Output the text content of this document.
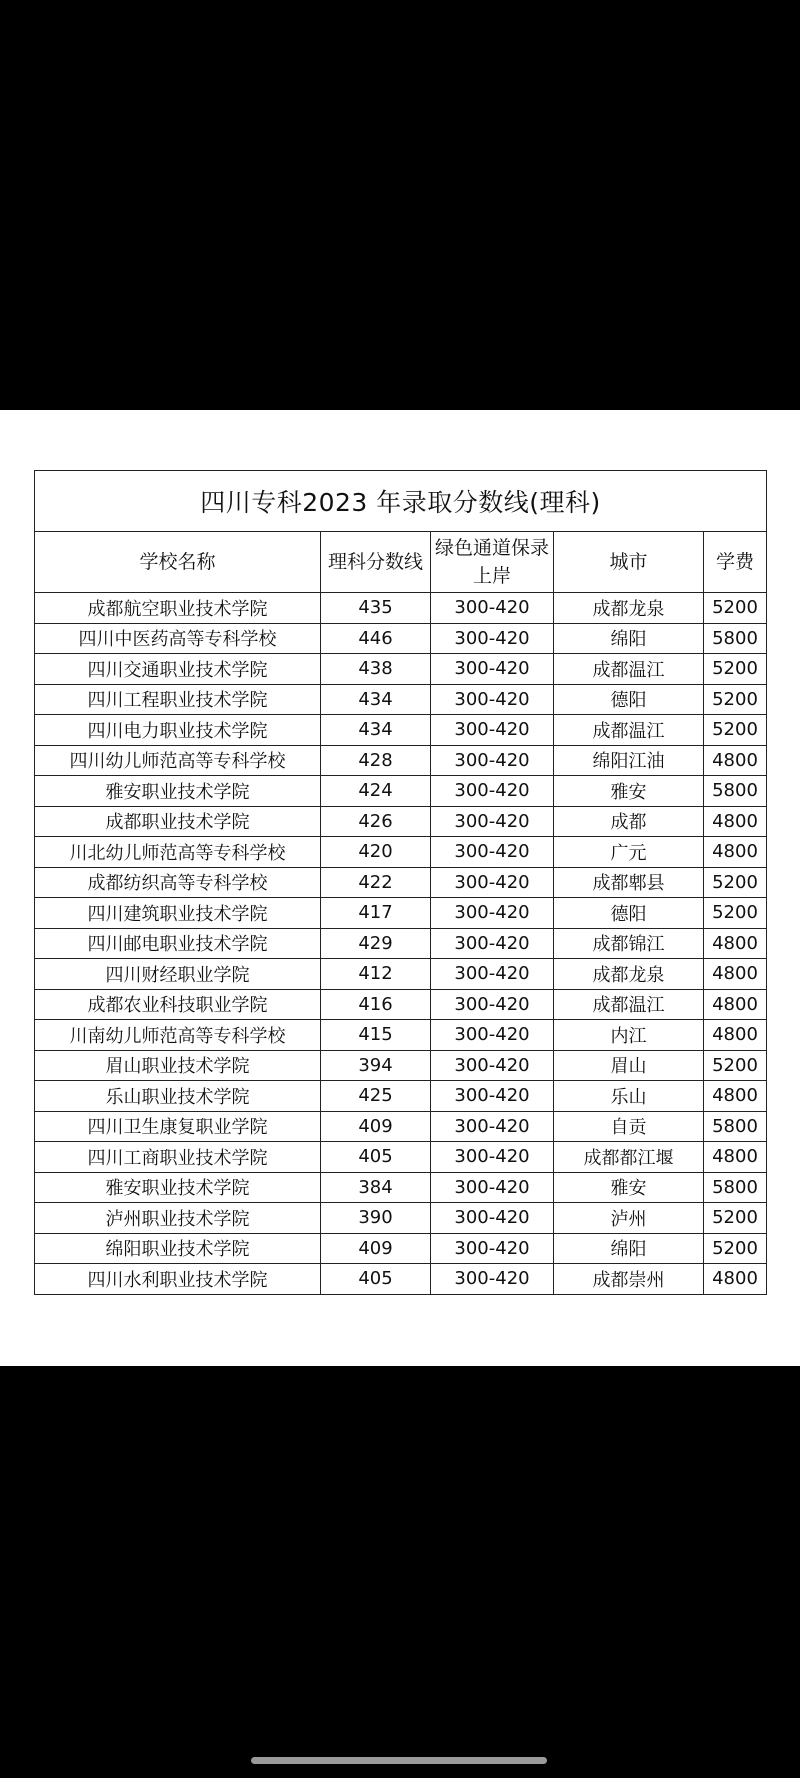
四川专科2023 年录取分数线(理科)				
学校名称	理科分数线	绿色通道保录上岸	城市	学费
成都航空职业技术学院	435	300-420	成都龙泉	5200
四川中医药高等专科学校	446	300-420	绵阳	5800
四川交通职业技术学院	438	300-420	成都温江	5200
四川工程职业技术学院	434	300-420	德阳	5200
四川电力职业技术学院	434	300-420	成都温江	5200
四川幼儿师范高等专科学校	428	300-420	绵阳江油	4800
雅安职业技术学院	424	300-420	雅安	5800
成都职业技术学院	426	300-420	成都	4800
川北幼儿师范高等专科学校	420	300-420	广元	4800
成都纺织高等专科学校	422	300-420	成都郫县	5200
四川建筑职业技术学院	417	300-420	德阳	5200
四川邮电职业技术学院	429	300-420	成都锦江	4800
四川财经职业学院	412	300-420	成都龙泉	4800
成都农业科技职业学院	416	300-420	成都温江	4800
川南幼儿师范高等专科学校	415	300-420	内江	4800
眉山职业技术学院	394	300-420	眉山	5200
乐山职业技术学院	425	300-420	乐山	4800
四川卫生康复职业学院	409	300-420	自贡	5800
四川工商职业技术学院	405	300-420	成都都江堰	4800
雅安职业技术学院	384	300-420	雅安	5800
泸州职业技术学院	390	300-420	泸州	5200
绵阳职业技术学院	409	300-420	绵阳	5200
四川水利职业技术学院	405	300-420	成都崇州	4800
